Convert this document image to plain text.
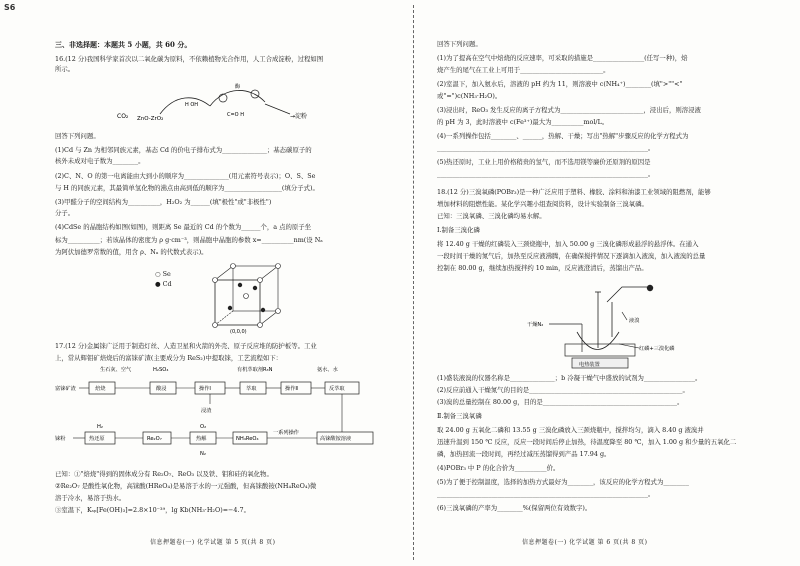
S6
三、非选择题：本题共 5 小题，共 60 分。
16.(12 分)我国科学家首次以二氧化碳为原料，不依赖植物光合作用，人工合成淀粉，过程如图
所示。
CO₂ ZnO-ZrO₂
酶
H OH
C=O H	→淀粉
回答下列问题。
(1)Cd 与 Zn 为相邻同族元素，基态 Cd 的价电子排布式为______________；基态碳原子的
核外未成对电子数为________。
(2)C、N、O 的第一电离能由大到小的顺序为______________(用元素符号表示)；O、S、Se
与 H 的同族元素，其最简单氢化物的沸点由高到低的顺序为__________________(填分子式)。
(3)甲醛分子的空间结构为__________，H₂O₂ 为______(填"极性"或"非极性")
分子。
(4)CdSe 的晶胞结构如图(如图)，则距离 Se 最近的 Cd 的个数为______个，a 点的原子坐
标为__________；若该晶体的密度为 ρ g·cm⁻³，则晶胞中晶胞的参数 x=__________nm(设 Nₐ
为阿伏加德罗常数的值，用含 ρ、Nₐ 的代数式表示)。
○ Se
● Cd
(0,0,0)
17.(12 分)金属铼广泛用于制造灯丝、人造卫星和火箭的外壳、原子反应堆的防护板等。工业
上，常从辉钼矿焙烧后的富铼矿渣(主要成分为 ReS₂)中提取铼，工艺流程如下：
生石灰、空气	H₂SO₄	有机萃取剂R₃N	氨水、水
富铼矿渣	焙烧	酸浸	操作Ⅰ	萃取	操作Ⅱ	反萃取
浸渣
铼粉	热还原	Re₂O₇	热解	NH₄ReO₄	高铼酸铵溶液
H₂	O₂
N₂
一系列操作
已知：①"焙烧"得到的固体成分有 Re₂O₇、ReO₃ 以及铁、钼和硅的氧化物。
②Re₂O₇ 是酸性氧化物，高铼酸(HReO₄)是易溶于水的一元强酸，但高铼酸铵(NH₄ReO₄)微
溶于冷水，易溶于热水。
③室温下，Kₛₚ[Fe(OH)₃]=2.8×10⁻³⁹，lg Kb(NH₃·H₂O)=−4.7。
信息押题卷(一) 化学试题 第 5 页(共 8 页)
回答下列问题。
(1)为了提高在空气中焙烧的反应速率，可采取的措施是________________(任写一种)，焙
烧产生的尾气在工业上可用于__________________________。
(2)室温下，加入氨水后，溶液的 pH 约为 11，则溶液中 c(NH₄⁺)________(填">""<"
或"=")c(NH₃·H₂O)。
(3)浸出时，ReO₃ 发生反应的离子方程式为__________________________，浸出后，则溶浸液
的 pH 为 3，此时溶液中 c(Fe³⁺)最大为__________mol/L。
(4)一系列操作包括________、______，热解、干燥；写出"热解"步骤反应的化学方程式为
__________________________________________________________________。
(5)热还原时，工业上用价格稍贵的氢气，而不选用镁等廉价还原剂的原因是
__________________________________________________________________。
18.(12 分)三溴氧磷(POBr₃)是一种广泛应用于塑料、橡胶、涂料和油漆工业领域的阻燃剂，能够
增加材料的阻燃性能。某化学兴趣小组查阅资料，设计实验制备三溴氧磷。
已知：三溴氧磷、三溴化磷均易水解。
Ⅰ.制备三溴化磷
将 12.40 g 干燥的红磷装入三颈烧瓶中，加入 50.00 g 三溴化磷形成悬浮的悬浮体。在通入
一段时间干燥的氮气后，加热至反应液沸腾，在确保搅拌情况下逐滴加入液溴，加入液溴的总量
控制在 80.00 g，继续加热搅拌约 10 min，反应液澄清后，蒸馏出产品。
干燥N₂
液溴
电热装置
红磷+三溴化磷
(1)盛装液溴的仪器名称是______________；b 冷凝干燥气中盛放的试剂为________________。
(2)反应前通入干燥氮气的目的是________________________________________________。
(3)溴的总量控制在 80.00 g，目的是__________________________________________。
Ⅱ.制备三溴氧磷
取 24.00 g 五氧化二磷和 13.55 g 三溴化磷放入三颈烧瓶中，搅拌均匀，滴入 8.40 g 液溴并
迅速升温到 150 ℃ 反应，反应一段时间后停止加热，待温度降至 80 ℃，加入 1.00 g 和少量的五氧化二
磷，加热回流一段时间，再经过减压蒸馏得到产品 17.94 g。
(4)POBr₃ 中 P 的化合价为__________价。
(5)为了便于控制温度，选择的加热方式最好为________，该反应的化学方程式为________
__________________________________________________________________。
(6)三溴氧磷的产率为________%(保留两位有效数字)。
信息押题卷(一) 化学试题 第 6 页(共 8 页)
